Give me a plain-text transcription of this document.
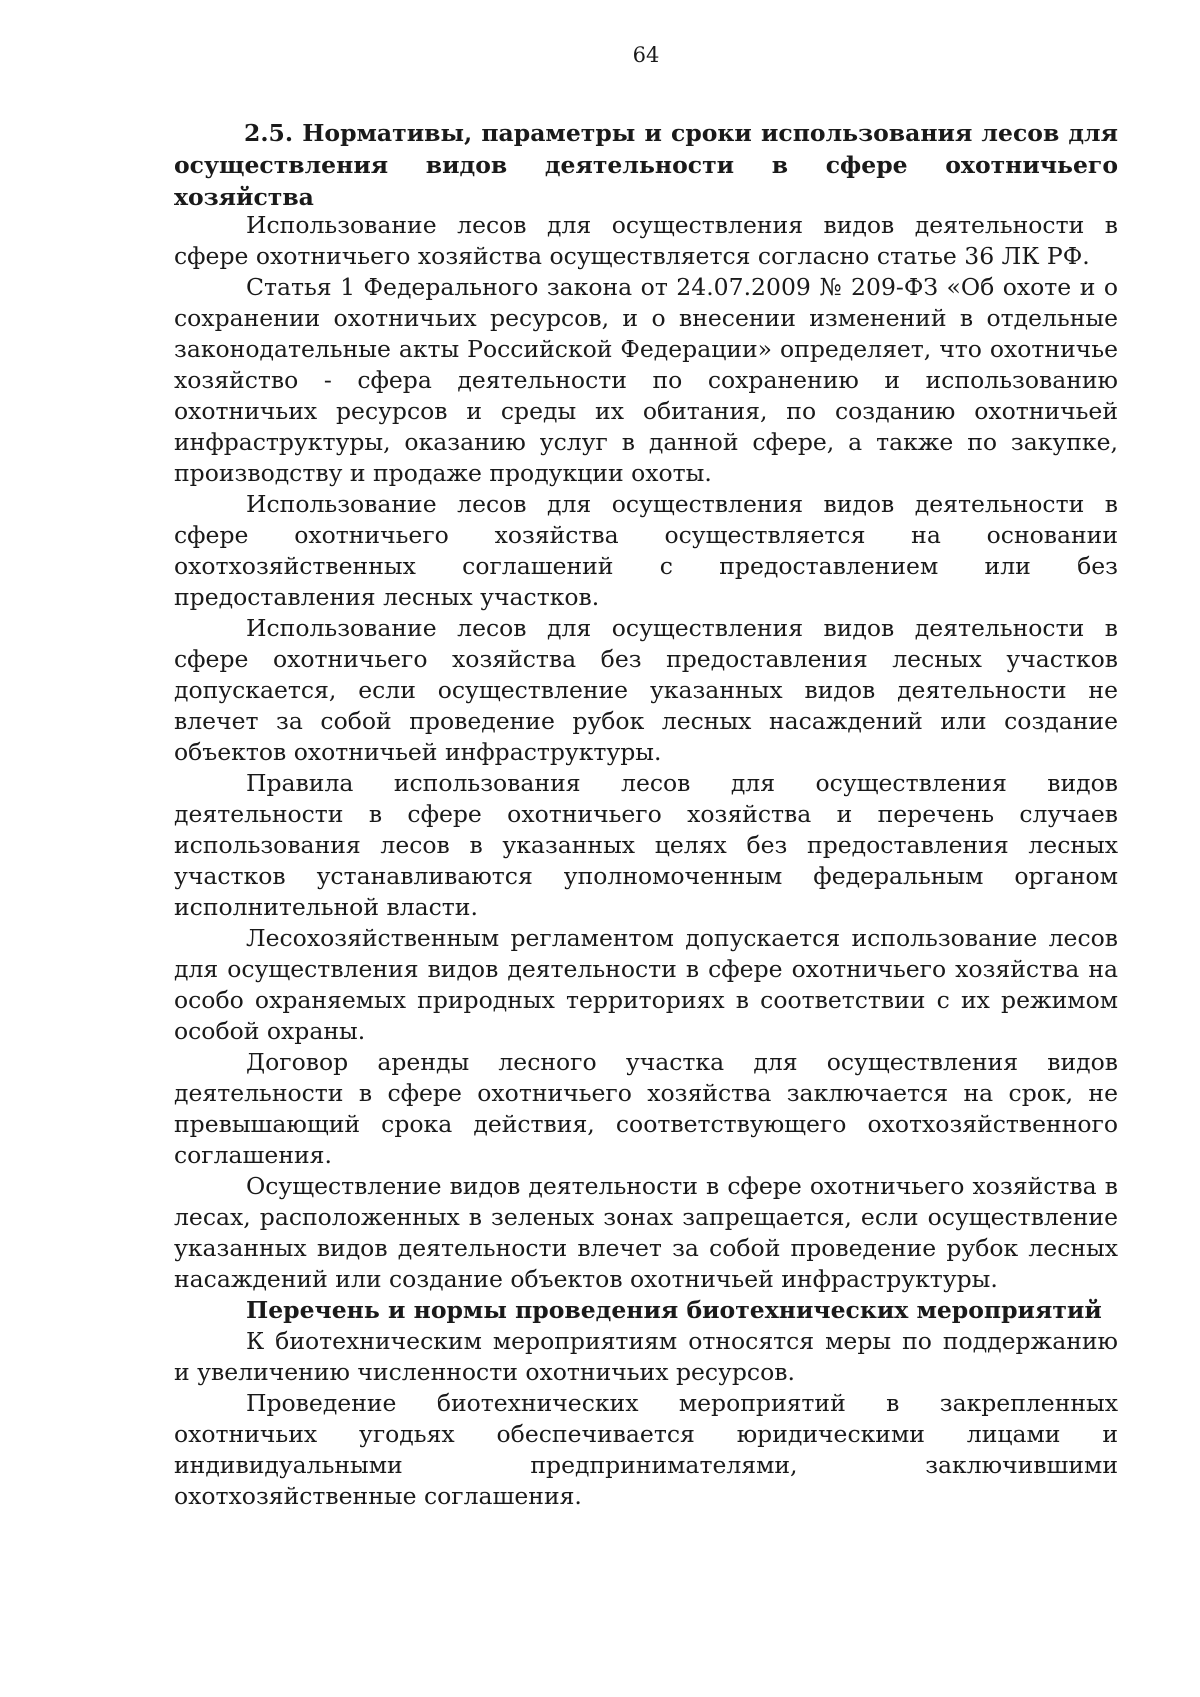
64
2.5. Нормативы, параметры и сроки использования лесов для осуществления видов деятельности в сфере охотничьего хозяйства

Использование лесов для осуществления видов деятельности в сфере охотничьего хозяйства осуществляется согласно статье 36 ЛК РФ.

Статья 1 Федерального закона от 24.07.2009 № 209-ФЗ «Об охоте и о сохранении охотничьих ресурсов, и о внесении изменений в отдельные законодательные акты Российской Федерации» определяет, что охотничье хозяйство - сфера деятельности по сохранению и использованию охотничьих ресурсов и среды их обитания, по созданию охотничьей инфраструктуры, оказанию услуг в данной сфере, а также по закупке, производству и продаже продукции охоты.

Использование лесов для осуществления видов деятельности в сфере охотничьего хозяйства осуществляется на основании охотхозяйственных соглашений с предоставлением или без предоставления лесных участков.

Использование лесов для осуществления видов деятельности в сфере охотничьего хозяйства без предоставления лесных участков допускается, если осуществление указанных видов деятельности не влечет за собой проведение рубок лесных насаждений или создание объектов охотничьей инфраструктуры.

Правила использования лесов для осуществления видов деятельности в сфере охотничьего хозяйства и перечень случаев использования лесов в указанных целях без предоставления лесных участков устанавливаются уполномоченным федеральным органом исполнительной власти.

Лесохозяйственным регламентом допускается использование лесов для осуществления видов деятельности в сфере охотничьего хозяйства на особо охраняемых природных территориях в соответствии с их режимом особой охраны.

Договор аренды лесного участка для осуществления видов деятельности в сфере охотничьего хозяйства заключается на срок, не превышающий срока действия, соответствующего охотхозяйственного соглашения.

Осуществление видов деятельности в сфере охотничьего хозяйства в лесах, расположенных в зеленых зонах запрещается, если осуществление указанных видов деятельности влечет за собой проведение рубок лесных насаждений или создание объектов охотничьей инфраструктуры.

Перечень и нормы проведения биотехнических мероприятий

К биотехническим мероприятиям относятся меры по поддержанию и увеличению численности охотничьих ресурсов.

Проведение биотехнических мероприятий в закрепленных охотничьих угодьях обеспечивается юридическими лицами и индивидуальными предпринимателями, заключившими охотхозяйственные соглашения.
